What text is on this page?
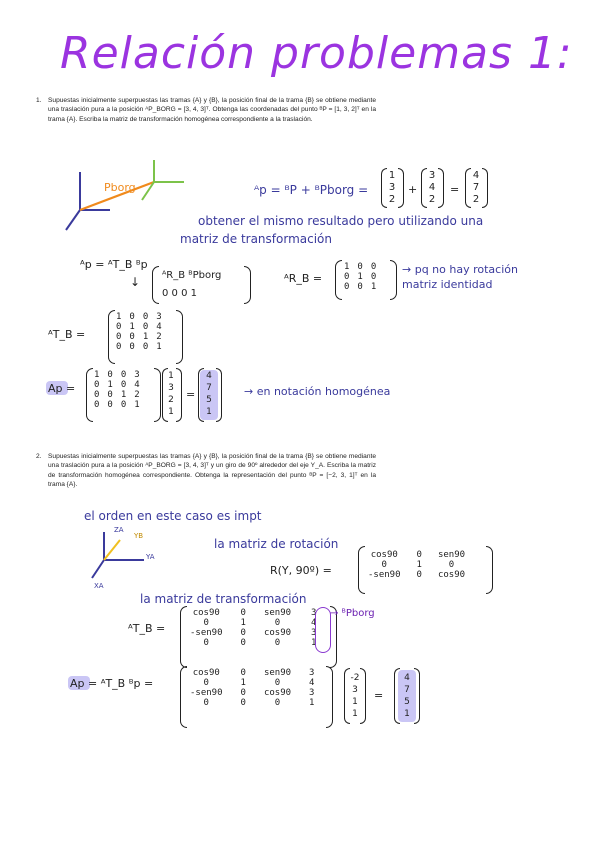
Relación problemas 1:
1. Supuestas inicialmente superpuestas las tramas {A} y {B}, la posición final de la trama {B} se obtiene mediante una traslación pura a la posición ᴬP_BORG = [3, 4, 3]ᵀ. Obtenga las coordenadas del punto ᴮP = [1, 3, 2]ᵀ en la trama {A}. Escriba la matriz de transformación homogénea correspondiente a la traslación.
Pborg	ᴬp = ᴮP + ᴮPborg =
1
3
2
+
3
4
2
=
4
7
2
obtener el mismo resultado pero utilizando una
matriz de transformación
ᴬp = ᴬT_B ᴮp
↓ ᴬR_B ᴮPborg
0 0 0 1
ᴬR_B =
1	0	0
0	1	0
0	0	1
→ pq no hay rotación matriz identidad
ᴬT_B =
1	0	0	3
0	1	0	4
0	0	1	2
0	0	0	1
Ap =
1	0	0	3
0	1	0	4
0	0	1	2
0	0	0	1
1
3
2
1
=
4
7
5
1
→ en notación homogénea
2. Supuestas inicialmente superpuestas las tramas {A} y {B}, la posición final de la trama {B} se obtiene mediante una traslación pura a la posición ᴬP_BORG = [3, 4, 3]ᵀ y un giro de 90º alrededor del eje Y_A. Escriba la matriz de transformación homogénea correspondiente. Obtenga la representación del punto ᴮP = [−2, 3, 1]ᵀ en la trama {A}.
el orden en este caso es impt
ZA
YB
YA
XA
la matriz de rotación
R(Y, 90º) =
cos90	0	sen90
0	1	0
-sen90	0	cos90
la matriz de transformación
ᴬT_B =
cos90	0	sen90	3
0	1	0	4
-sen90	0	cos90	3
0	0	0	1
→ ᴮPborg
Ap = ᴬT_B ᴮp =
cos90	0	sen90	3
0	1	0	4
-sen90	0	cos90	3
0	0	0	1
-2
3
1
1
=
4
7
5
1
